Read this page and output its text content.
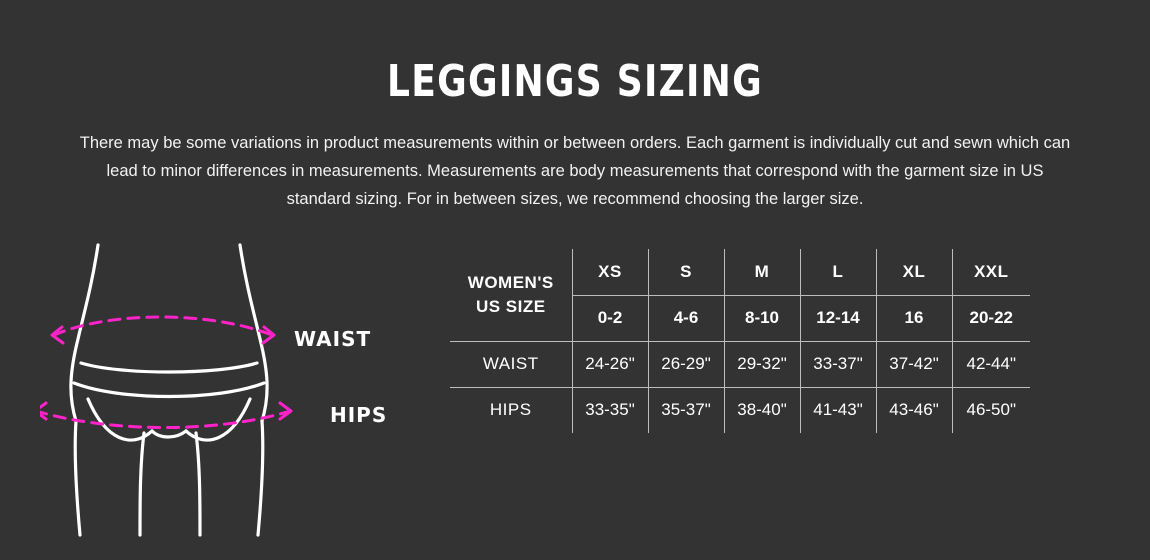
LEGGINGS SIZING

There may be some variations in product measurements within or between orders. Each garment is individually cut and sewn which can lead to minor differences in measurements. Measurements are body measurements that correspond with the garment size in US standard sizing. For in between sizes, we recommend choosing the larger size.

WAIST
HIPS
WOMEN'S
US SIZE	XS	S	M	L	XL	XXL
	0-2	4-6	8-10	12-14	16	20-22
WAIST	24-26"	26-29"	29-32"	33-37"	37-42"	42-44"
HIPS	33-35"	35-37"	38-40"	41-43"	43-46"	46-50"
